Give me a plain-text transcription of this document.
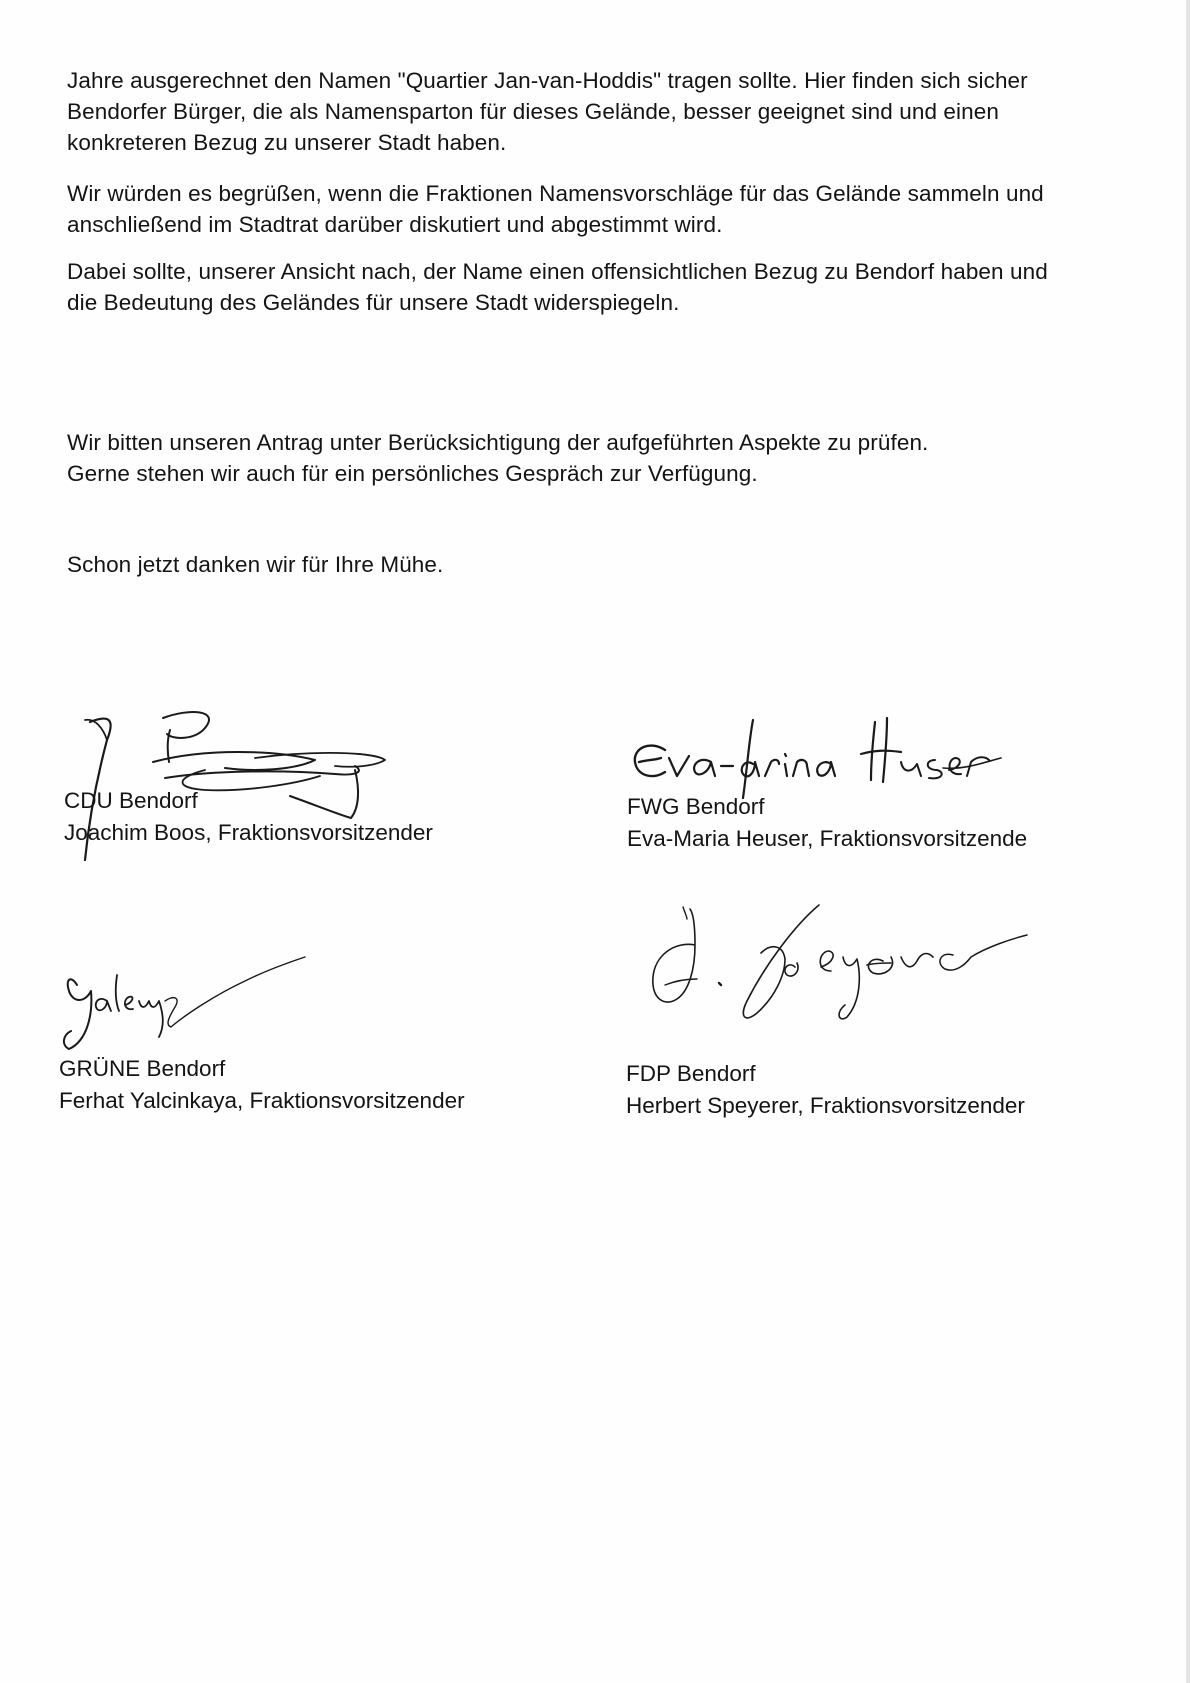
Jahre ausgerechnet den Namen "Quartier Jan-van-Hoddis" tragen sollte. Hier finden sich sicher
Bendorfer Bürger, die als Namensparton für dieses Gelände, besser geeignet sind und einen
konkreteren Bezug zu unserer Stadt haben.

Wir würden es begrüßen, wenn die Fraktionen Namensvorschläge für das Gelände sammeln und
anschließend im Stadtrat darüber diskutiert und abgestimmt wird.

Dabei sollte, unserer Ansicht nach, der Name einen offensichtlichen Bezug zu Bendorf haben und
die Bedeutung des Geländes für unsere Stadt widerspiegeln.

Wir bitten unseren Antrag unter Berücksichtigung der aufgeführten Aspekte zu prüfen.
Gerne stehen wir auch für ein persönliches Gespräch zur Verfügung.

Schon jetzt danken wir für Ihre Mühe.

CDU Bendorf
Joachim Boos, Fraktionsvorsitzender
FWG Bendorf
Eva-Maria Heuser, Fraktionsvorsitzende
GRÜNE Bendorf
Ferhat Yalcinkaya, Fraktionsvorsitzender
FDP Bendorf
Herbert Speyerer, Fraktionsvorsitzender
